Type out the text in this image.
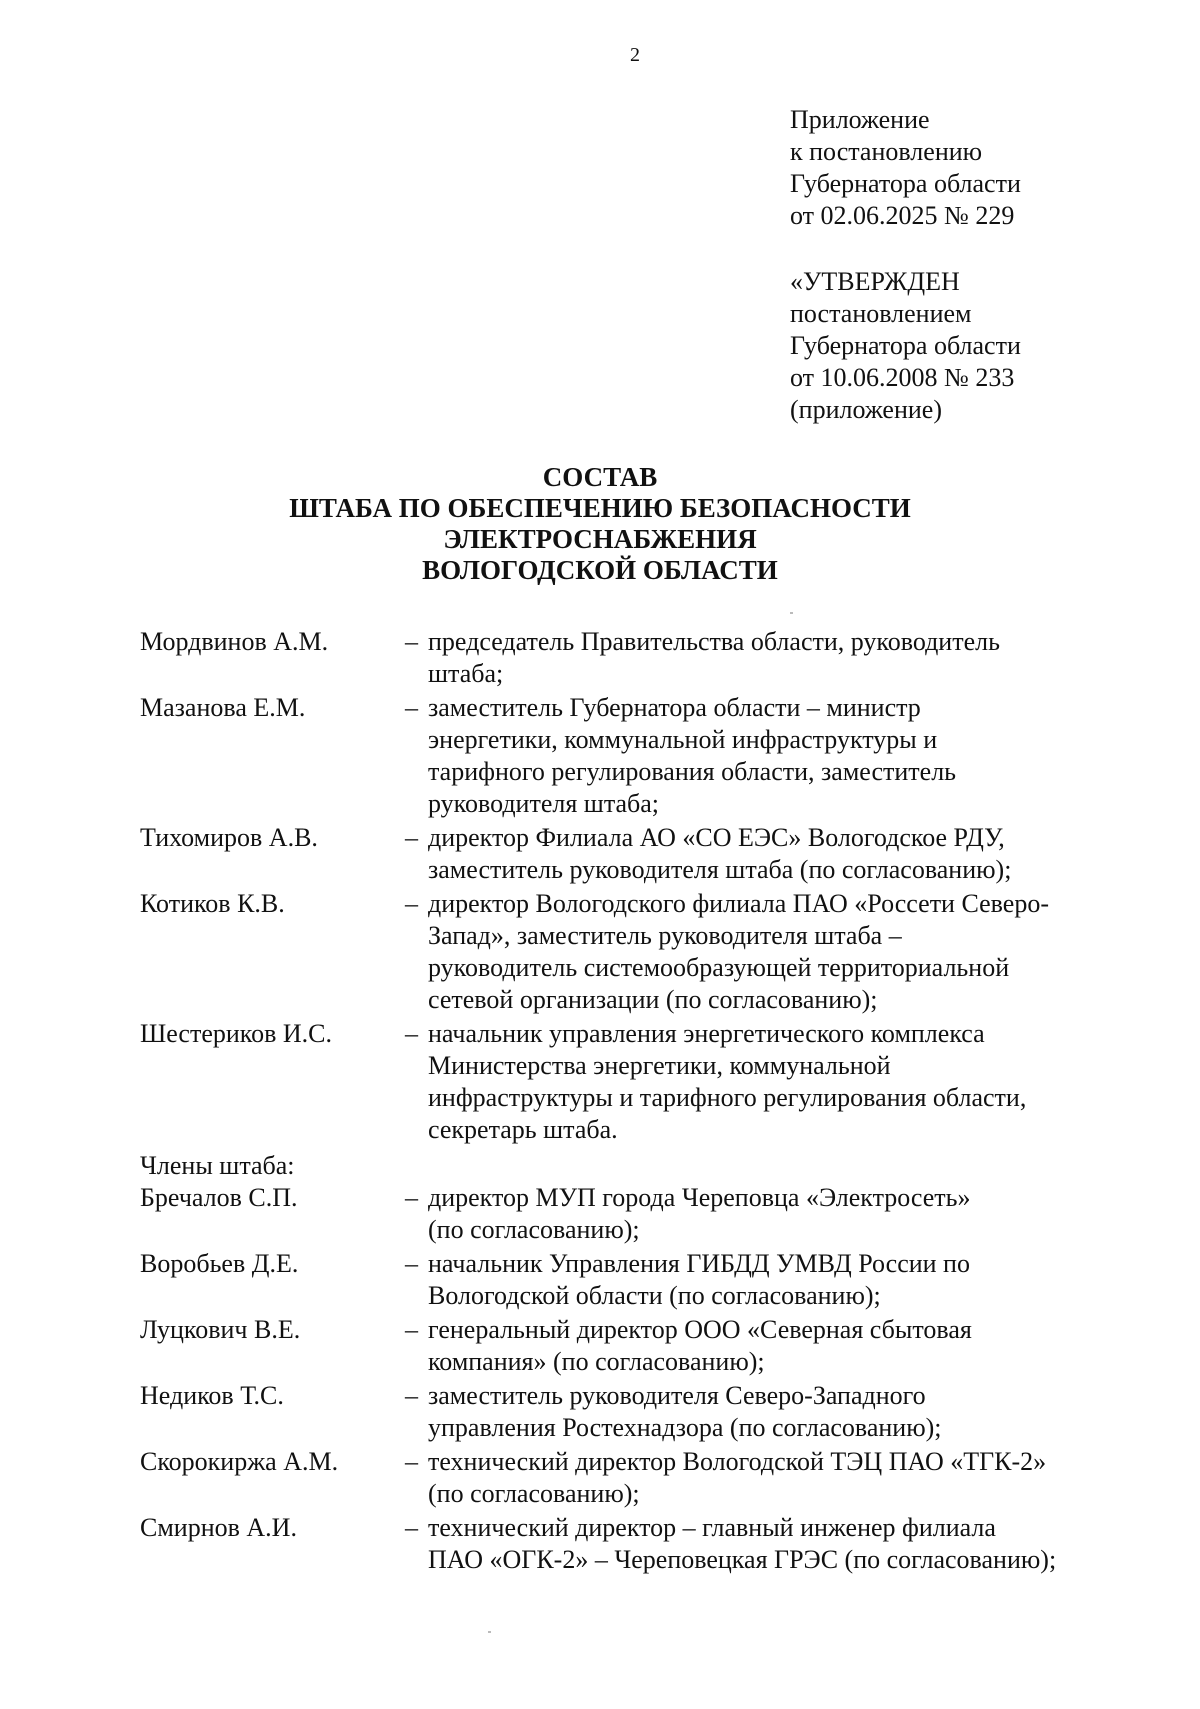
2
Приложение
к постановлению
Губернатора области
от 02.06.2025 № 229
«УТВЕРЖДЕН
постановлением
Губернатора области
от 10.06.2008 № 233
(приложение)
СОСТАВ
ШТАБА ПО ОБЕСПЕЧЕНИЮ БЕЗОПАСНОСТИ
ЭЛЕКТРОСНАБЖЕНИЯ
ВОЛОГОДСКОЙ ОБЛАСТИ
Мордвинов А.М.	– председатель Правительства области, руководитель
штаба;
Мазанова Е.М.	– заместитель Губернатора области – министр
энергетики, коммунальной инфраструктуры и
тарифного регулирования области, заместитель
руководителя штаба;
Тихомиров А.В.	– директор Филиала АО «СО ЕЭС» Вологодское РДУ,
заместитель руководителя штаба (по согласованию);
Котиков К.В.	– директор Вологодского филиала ПАО «Россети Северо-
Запад», заместитель руководителя штаба –
руководитель системообразующей территориальной
сетевой организации (по согласованию);
Шестериков И.С.	– начальник управления энергетического комплекса
Министерства энергетики, коммунальной
инфраструктуры и тарифного регулирования области,
секретарь штаба.
Члены штаба:
Бречалов С.П.	– директор МУП города Череповца «Электросеть»
(по согласованию);
Воробьев Д.Е.	– начальник Управления ГИБДД УМВД России по
Вологодской области (по согласованию);
Луцкович В.Е.	– генеральный директор ООО «Северная сбытовая
компания» (по согласованию);
Недиков Т.С.	– заместитель руководителя Северо-Западного
управления Ростехнадзора (по согласованию);
Скорокиржа А.М.	– технический директор Вологодской ТЭЦ ПАО «ТГК-2»
(по согласованию);
Смирнов А.И.	– технический директор – главный инженер филиала
ПАО «ОГК-2» – Череповецкая ГРЭС (по согласованию);
